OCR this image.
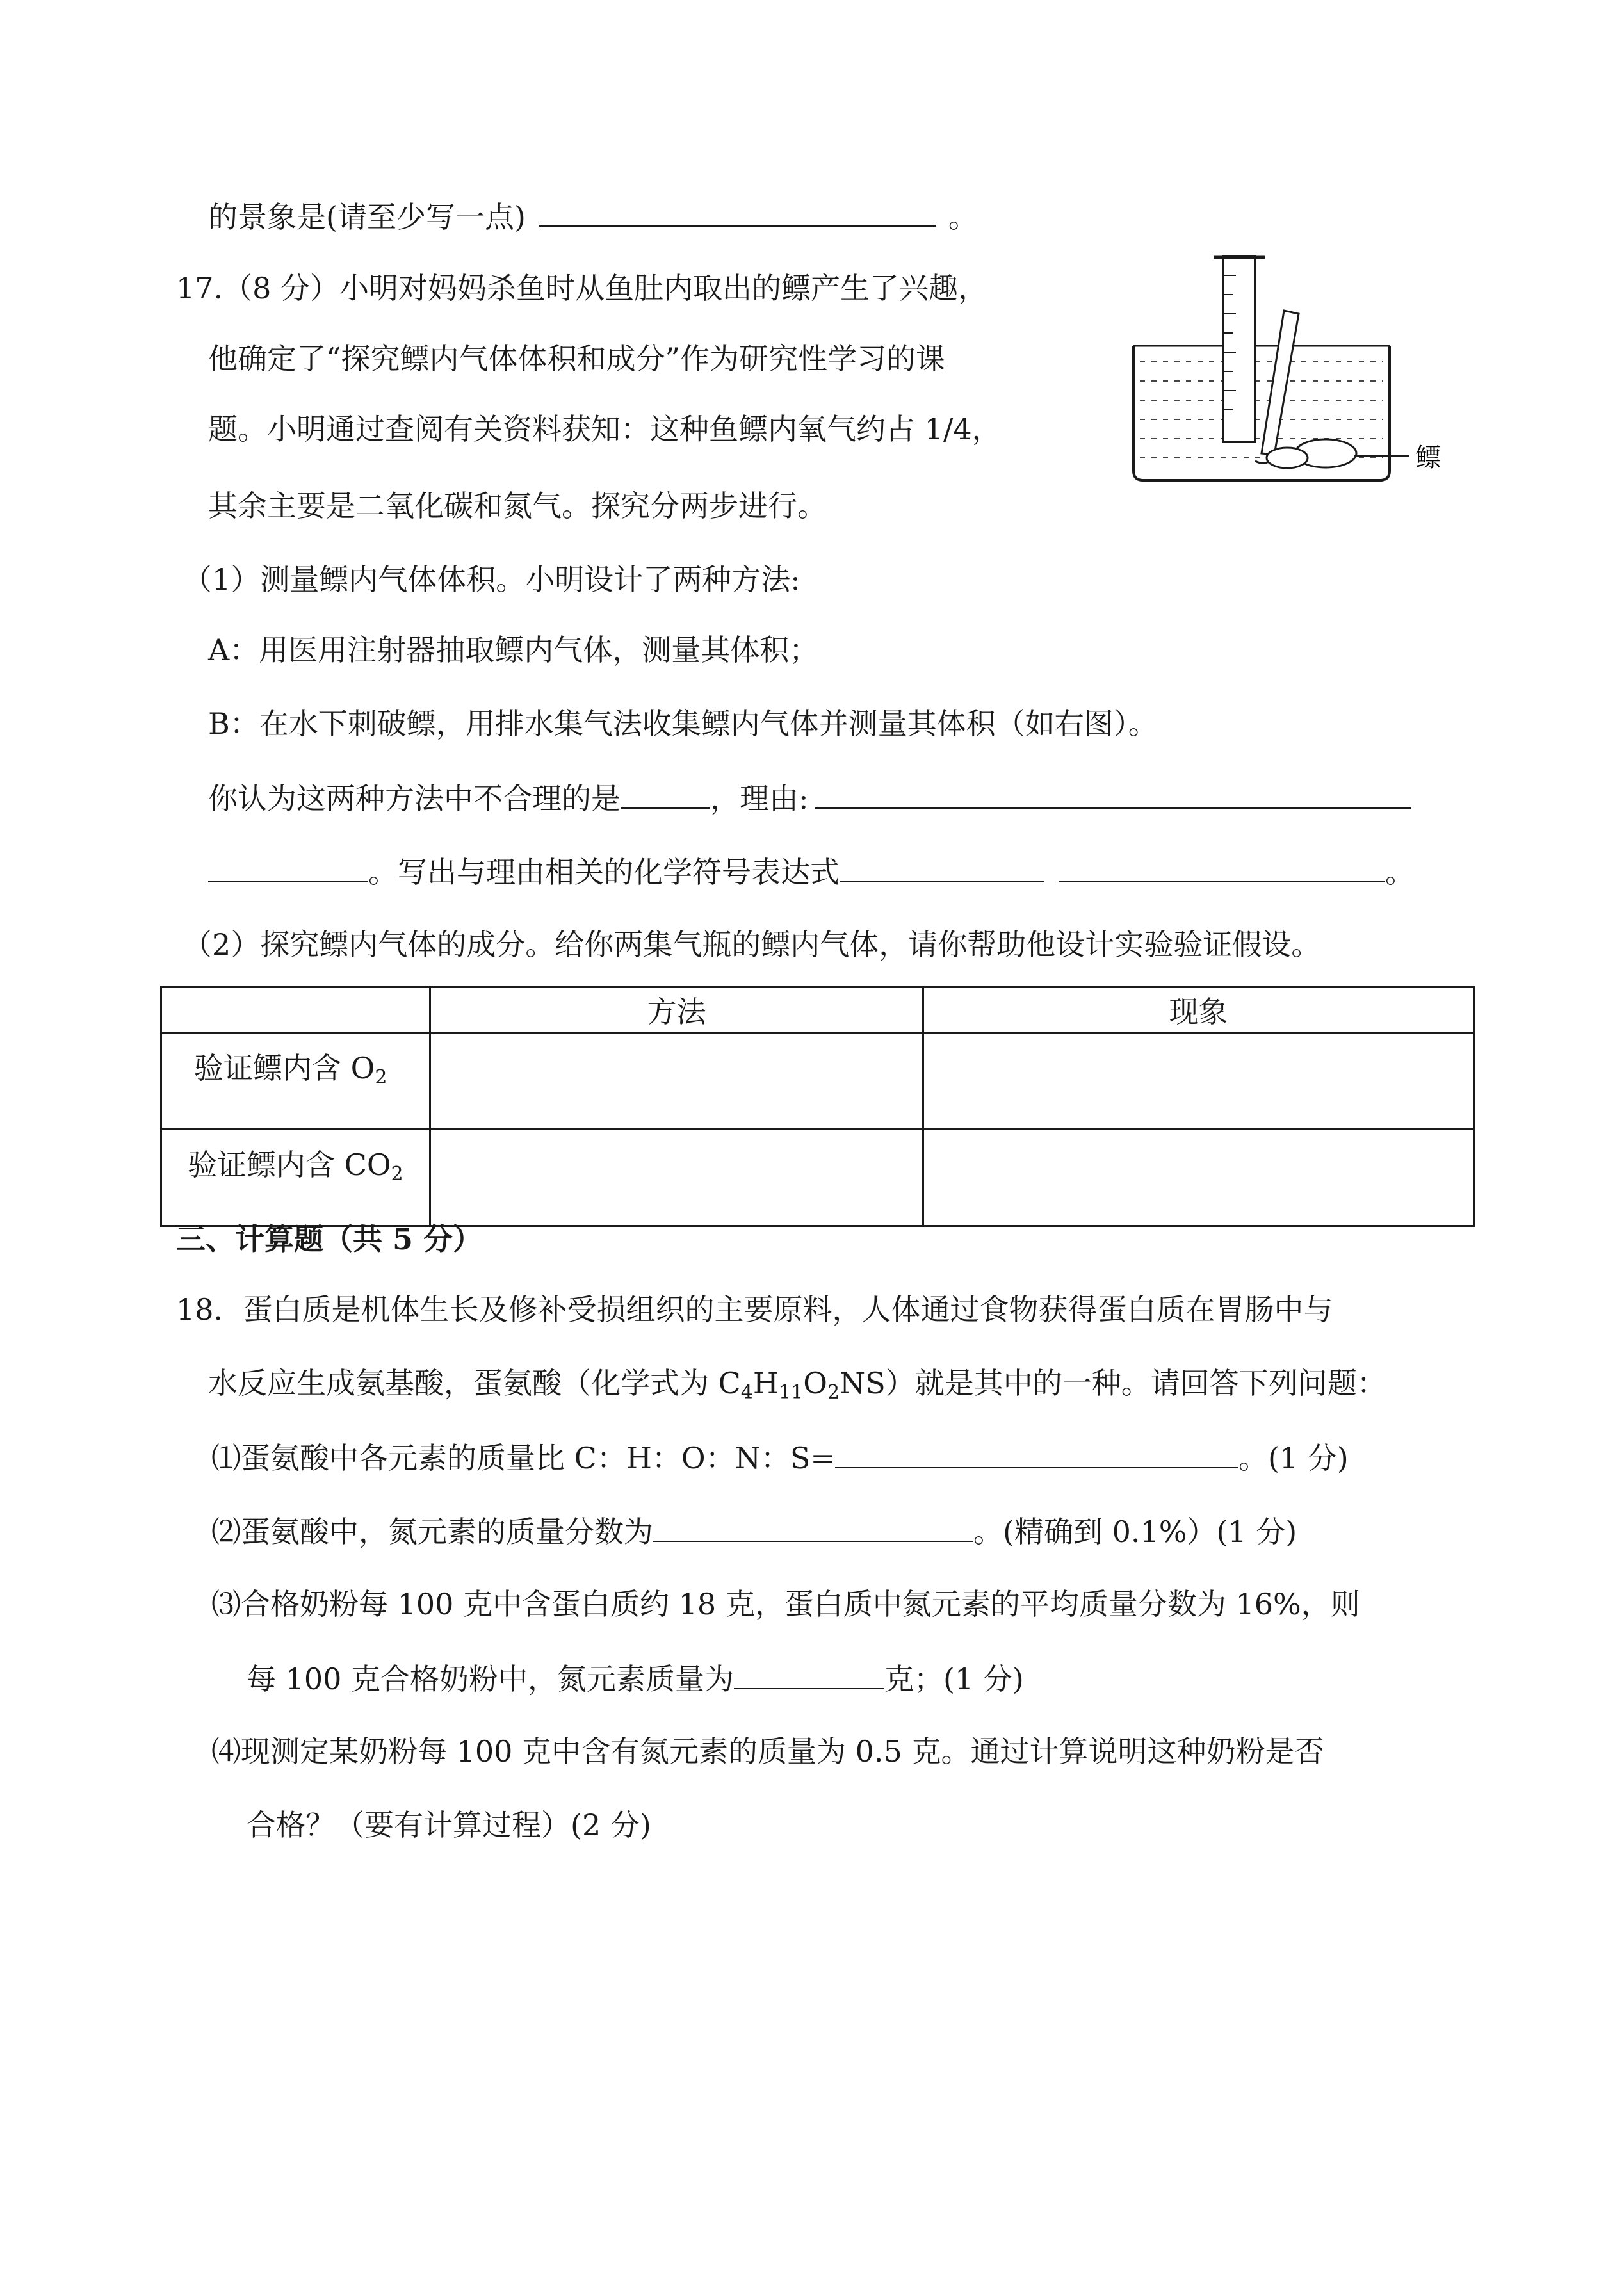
的景象是(请至少写一点)	。
17.（8 分）小明对妈妈杀鱼时从鱼肚内取出的鳔产生了兴趣，
他确定了“探究鳔内气体体积和成分”作为研究性学习的课
题。小明通过查阅有关资料获知：这种鱼鳔内氧气约占 1/4，
其余主要是二氧化碳和氮气。探究分两步进行。
鳔
（1）测量鳔内气体体积。小明设计了两种方法:
A：用医用注射器抽取鳔内气体，测量其体积；
B：在水下刺破鳔，用排水集气法收集鳔内气体并测量其体积（如右图）。
你认为这两种方法中不合理的是	，理由:
。写出与理由相关的化学符号表达式	。
（2）探究鳔内气体的成分。给你两集气瓶的鳔内气体，请你帮助他设计实验验证假设。
	方法	现象
验证鳔内含 $O_2$		
验证鳔内含 $CO_2$		
三、计算题（共 5 分）
18．蛋白质是机体生长及修补受损组织的主要原料，人体通过食物获得蛋白质在胃肠中与
水反应生成氨基酸，蛋氨酸（化学式为 $C_4H_{11}O_2NS$）就是其中的一种。请回答下列问题：
⑴蛋氨酸中各元素的质量比 C：H：O：N：S=	。(1 分)
⑵蛋氨酸中，氮元素的质量分数为	。(精确到 0.1%）(1 分)
⑶合格奶粉每 100 克中含蛋白质约 18 克，蛋白质中氮元素的平均质量分数为 16%，则
每 100 克合格奶粉中，氮元素质量为	克；(1 分)
⑷现测定某奶粉每 100 克中含有氮元素的质量为 0.5 克。通过计算说明这种奶粉是否
合格？（要有计算过程）(2 分)
